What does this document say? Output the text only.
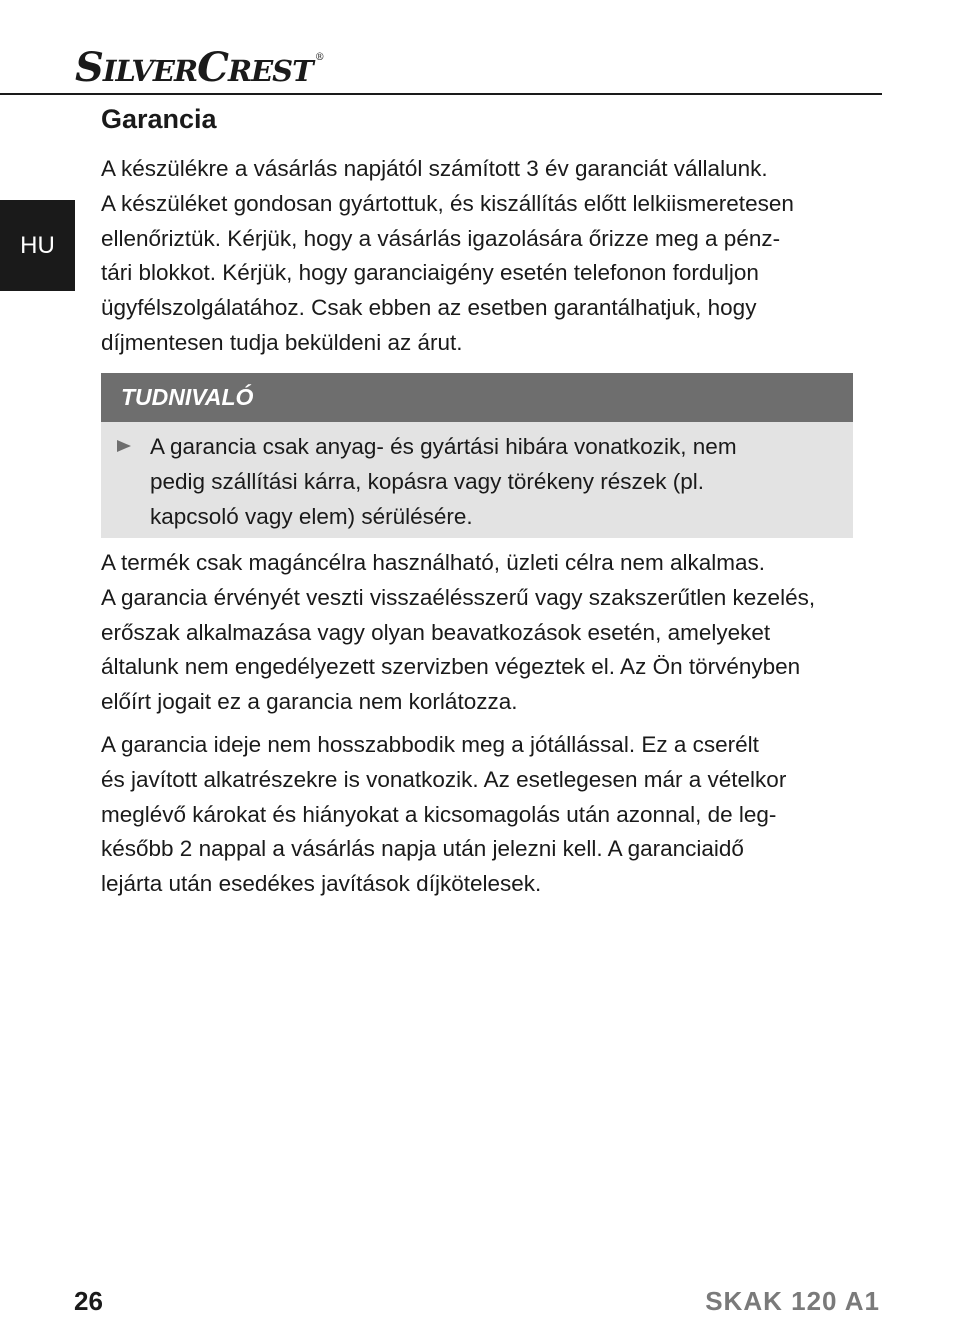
SILVERCREST ®
HU
Garancia

A készülékre a vásárlás napjától számított 3 év garanciát vállalunk.
A készüléket gondosan gyártottuk, és kiszállítás előtt lelkiismeretesen
ellenőriztük. Kérjük, hogy a vásárlás igazolására őrizze meg a pénz-
tári blokkot. Kérjük, hogy garanciaigény esetén telefonon forduljon
ügyfélszolgálatához. Csak ebben az esetben garantálhatjuk, hogy
díjmentesen tudja beküldeni az árut.

TUDNIVALÓ
A garancia csak anyag- és gyártási hibára vonatkozik, nem
pedig szállítási kárra, kopásra vagy törékeny részek (pl.
kapcsoló vagy elem) sérülésére.

A termék csak magáncélra használható, üzleti célra nem alkalmas.
A garancia érvényét veszti visszaélésszerű vagy szakszerűtlen kezelés,
erőszak alkalmazása vagy olyan beavatkozások esetén, amelyeket
általunk nem engedélyezett szervizben végeztek el. Az Ön törvényben
előírt jogait ez a garancia nem korlátozza.

A garancia ideje nem hosszabbodik meg a jótállással. Ez a cserélt
és javított alkatrészekre is vonatkozik. Az esetlegesen már a vételkor
meglévő károkat és hiányokat a kicsomagolás után azonnal, de leg-
később 2 nappal a vásárlás napja után jelezni kell. A garanciaidő
lejárta után esedékes javítások díjkötelesek.

26	SKAK 120 A1
